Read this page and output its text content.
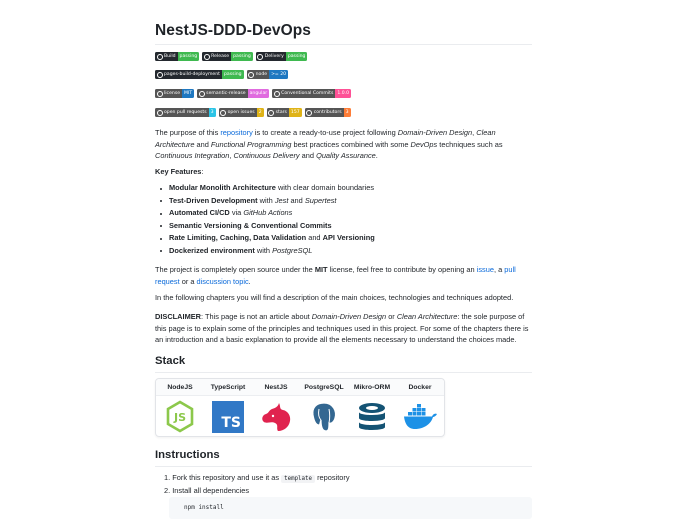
NestJS-DDD-DevOps
Build passing	Release passing	Delivery passing
pages-build-deployment passing	node >= 20
license MIT	semantic-release angular	Conventional Commits 1.0.0
open pull requests 3	open issues 2	stars 157	contributors 3

The purpose of this repository is to create a ready-to-use project following Domain-Driven Design, Clean Architecture and Functional Programming best practices combined with some DevOps techniques such as Continuous Integration, Continuous Delivery and Quality Assurance.

Key Features:

Modular Monolith Architecture with clear domain boundaries
Test-Driven Development with Jest and Supertest
Automated CI/CD via GitHub Actions
Semantic Versioning & Conventional Commits
Rate Limiting, Caching, Data Validation and API Versioning
Dockerized environment with PostgreSQL

The project is completely open source under the MIT license, feel free to contribute by opening an issue, a pull request or a discussion topic.

In the following chapters you will find a description of the main choices, technologies and techniques adopted.

DISCLAIMER: This page is not an article about Domain-Driven Design or Clean Architecture: the sole purpose of this page is to explain some of the principles and techniques used in this project. For some of the chapters there is an introduction and a basic explanation to provide all the elements necessary to understand the choices made.

Stack
NodeJS	TypeScript	NestJS	PostgreSQL	Mikro-ORM	Docker
JS	TS
Instructions
1. Fork this repository and use it as template repository
2. Install all dependencies
npm install
